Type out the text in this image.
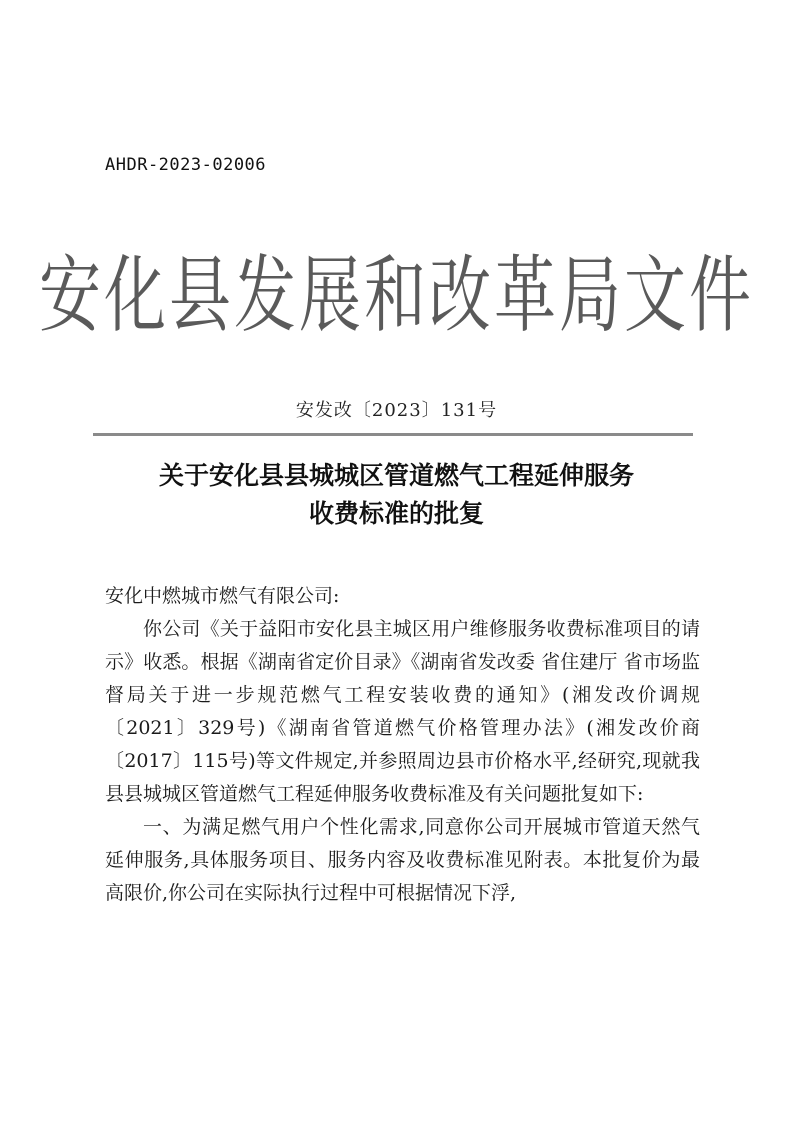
AHDR-2023-02006
安化县发展和改革局文件
安发改〔2023〕131号
关于安化县县城城区管道燃气工程延伸服务
收费标准的批复

安化中燃城市燃气有限公司:

你公司《关于益阳市安化县主城区用户维修服务收费标准项目的请示》收悉。根据《湖南省定价目录》《湖南省发改委 省住建厅 省市场监督局关于进一步规范燃气工程安装收费的通知》(湘发改价调规〔2021〕329号)《湖南省管道燃气价格管理办法》(湘发改价商〔2017〕115号)等文件规定,并参照周边县市价格水平,经研究,现就我县县城城区管道燃气工程延伸服务收费标准及有关问题批复如下:

一、为满足燃气用户个性化需求,同意你公司开展城市管道天然气延伸服务,具体服务项目、服务内容及收费标准见附表。本批复价为最高限价,你公司在实际执行过程中可根据情况下浮,
